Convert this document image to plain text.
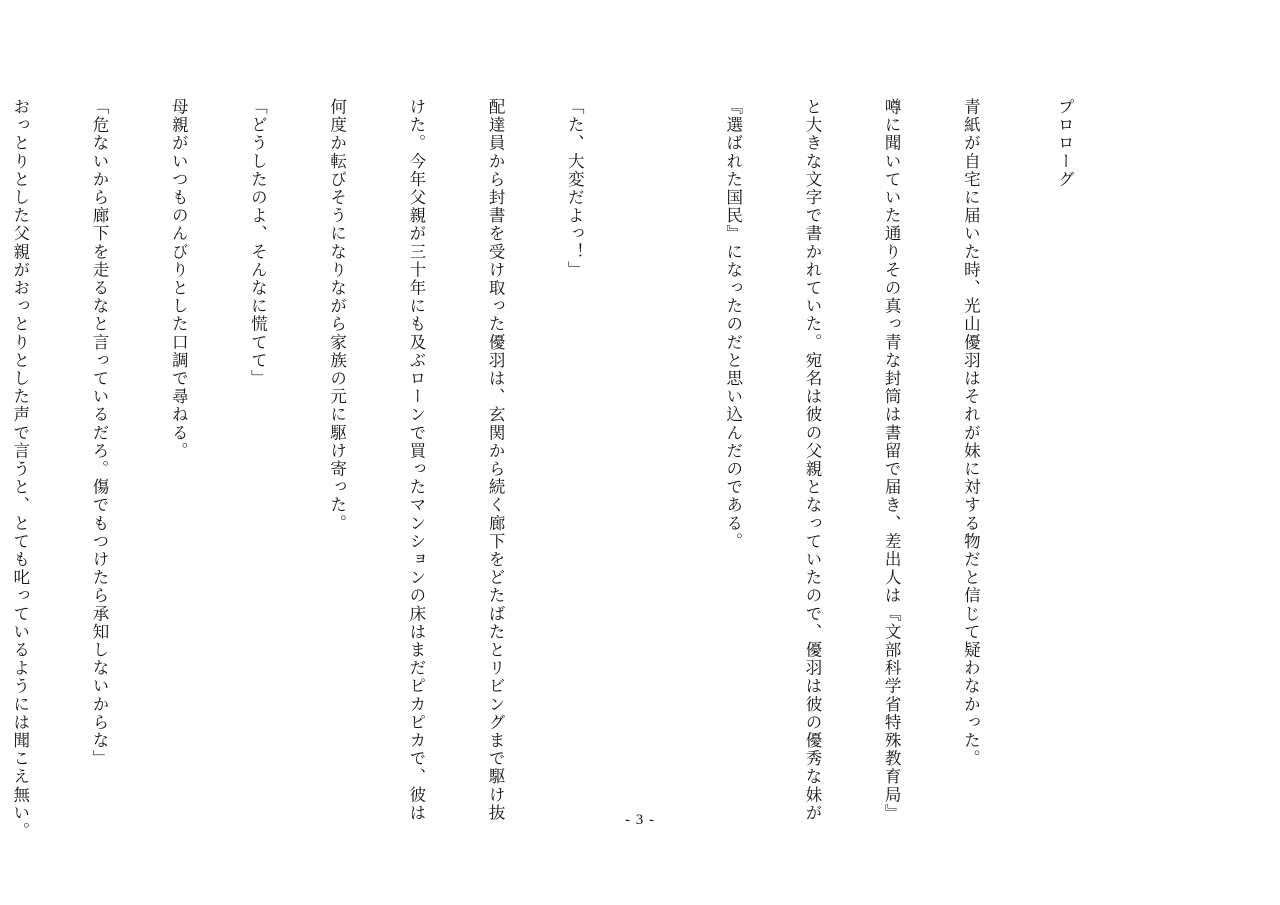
プロローグ

青紙が自宅に届いた時、光山優羽はそれが妹に対する物だと信じて疑わなかった。

噂に聞いていた通りその真っ青な封筒は書留で届き、差出人は『文部科学省特殊教育局』

と大きな文字で書かれていた。宛名は彼の父親となっていたので、優羽は彼の優秀な妹が

『選ばれた国民』になったのだと思い込んだのである。

「た、大変だよっ！」

配達員から封書を受け取った優羽は、玄関から続く廊下をどたばたとリビングまで駆け抜

けた。今年父親が三十年にも及ぶローンで買ったマンションの床はまだピカピカで、彼は

何度か転びそうになりながら家族の元に駆け寄った。

「どうしたのよ、そんなに慌てて」

母親がいつものんびりとした口調で尋ねる。

「危ないから廊下を走るなと言っているだろ。傷でもつけたら承知しないからな」

おっとりとした父親がおっとりとした声で言うと、とても叱っているようには聞こえ無い。

	- 3 -
